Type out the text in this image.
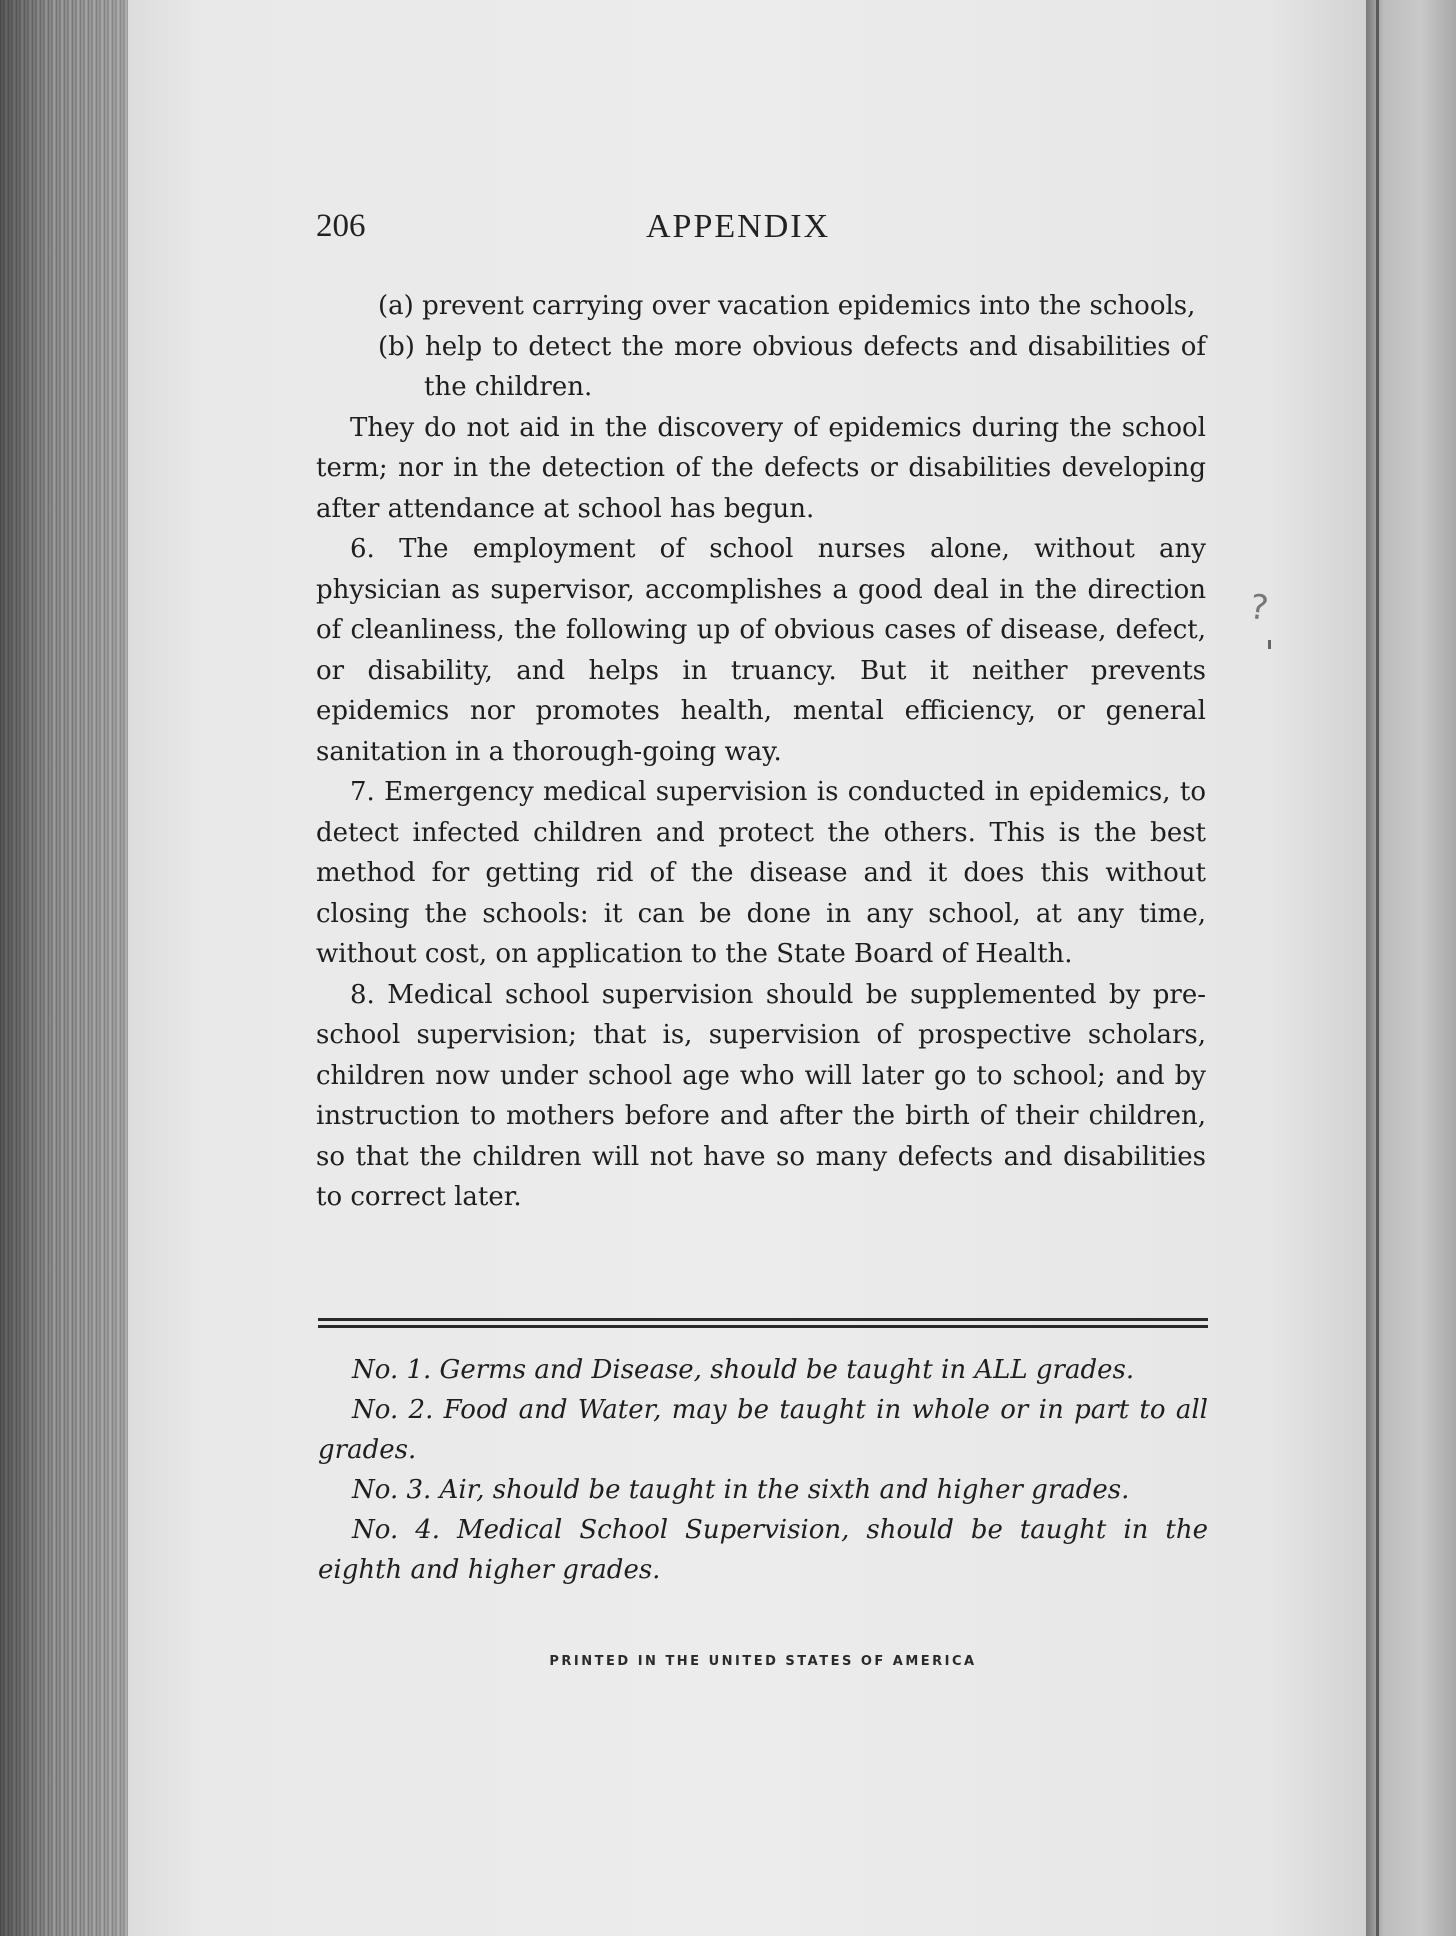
206	APPENDIX

(a) prevent carrying over vacation epidemics into the schools,

(b) help to detect the more obvious defects and disabilities of the children.

They do not aid in the discovery of epidemics during the school term; nor in the detection of the defects or disabilities developing after attendance at school has begun.

6. The employment of school nurses alone, without any physician as supervisor, accomplishes a good deal in the direction of cleanliness, the following up of obvious cases of disease, defect, or disability, and helps in truancy. But it neither prevents epidemics nor promotes health, mental efficiency, or general sanitation in a thorough-going way.

7. Emergency medical supervision is conducted in epidemics, to detect infected children and protect the others. This is the best method for getting rid of the disease and it does this without closing the schools: it can be done in any school, at any time, without cost, on application to the State Board of Health.

8. Medical school supervision should be supplemented by pre-school supervision; that is, supervision of prospective scholars, children now under school age who will later go to school; and by instruction to mothers before and after the birth of their children, so that the children will not have so many defects and disabilities to correct later.

No. 1. Germs and Disease, should be taught in ALL grades.

No. 2. Food and Water, may be taught in whole or in part to all grades.

No. 3. Air, should be taught in the sixth and higher grades.

No. 4. Medical School Supervision, should be taught in the eighth and higher grades.

PRINTED IN THE UNITED STATES OF AMERICA
?
